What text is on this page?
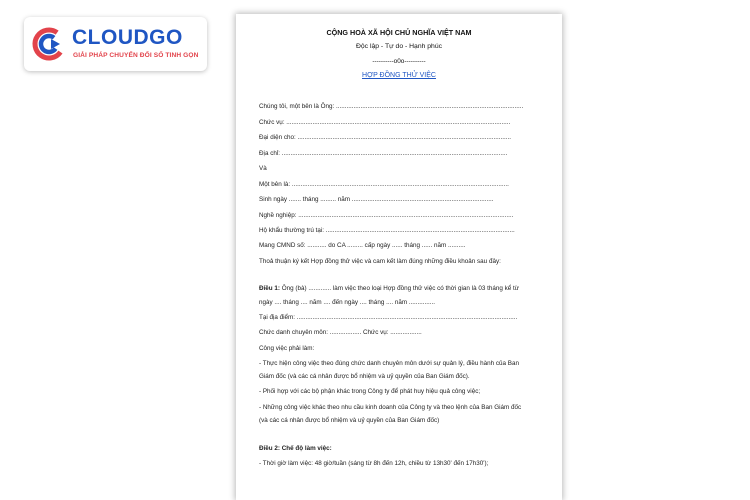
CLOUDGO
GIẢI PHÁP CHUYỂN ĐỔI SỐ TINH GỌN
CỘNG HOÀ XÃ HỘI CHỦ NGHĨA VIỆT NAM
Độc lập - Tự do - Hạnh phúc
----------o0o----------
HỢP ĐỒNG THỬ VIỆC
Chúng tôi, một bên là Ông: ...........................................................................................................
Chức vụ: ................................................................................................................................
Đại diện cho: ..........................................................................................................................
Địa chỉ: .................................................................................................................................
Và
Một bên là: ............................................................................................................................
Sinh ngày ....... tháng ......... năm .................................................................................
Nghề nghiệp: ...........................................................................................................................
Hộ khẩu thường trú tại: ............................................................................................................
Mang CMND số: ........... do CA ......... cấp ngày ...... tháng ...... năm ..........
Thoả thuận ký kết Hợp đồng thử việc và cam kết làm đúng những điều khoản sau đây:
Điều 1: Ông (bà) ............. làm việc theo loại Hợp đồng thử việc có thời gian là 03 tháng kể từ
ngày .... tháng .... năm .... đến ngày .... tháng .... năm ...............
Tại địa điểm: ..............................................................................................................................
Chức danh chuyên môn: .................. Chức vụ: ..................
Công việc phải làm:
- Thực hiện công việc theo đúng chức danh chuyên môn dưới sự quản lý, điều hành của Ban
Giám đốc (và các cá nhân được bổ nhiệm và uỷ quyền của Ban Giám đốc).
- Phối hợp với các bộ phận khác trong Công ty để phát huy hiệu quả công việc;
- Những công việc khác theo nhu cầu kinh doanh của Công ty và theo lệnh của Ban Giám đốc
(và các cá nhân được bổ nhiệm và uỷ quyền của Ban Giám đốc)
Điều 2: Chế độ làm việc:
- Thời giờ làm việc: 48 giờ/tuần (sáng từ 8h đến 12h, chiều từ 13h30' đến 17h30');
